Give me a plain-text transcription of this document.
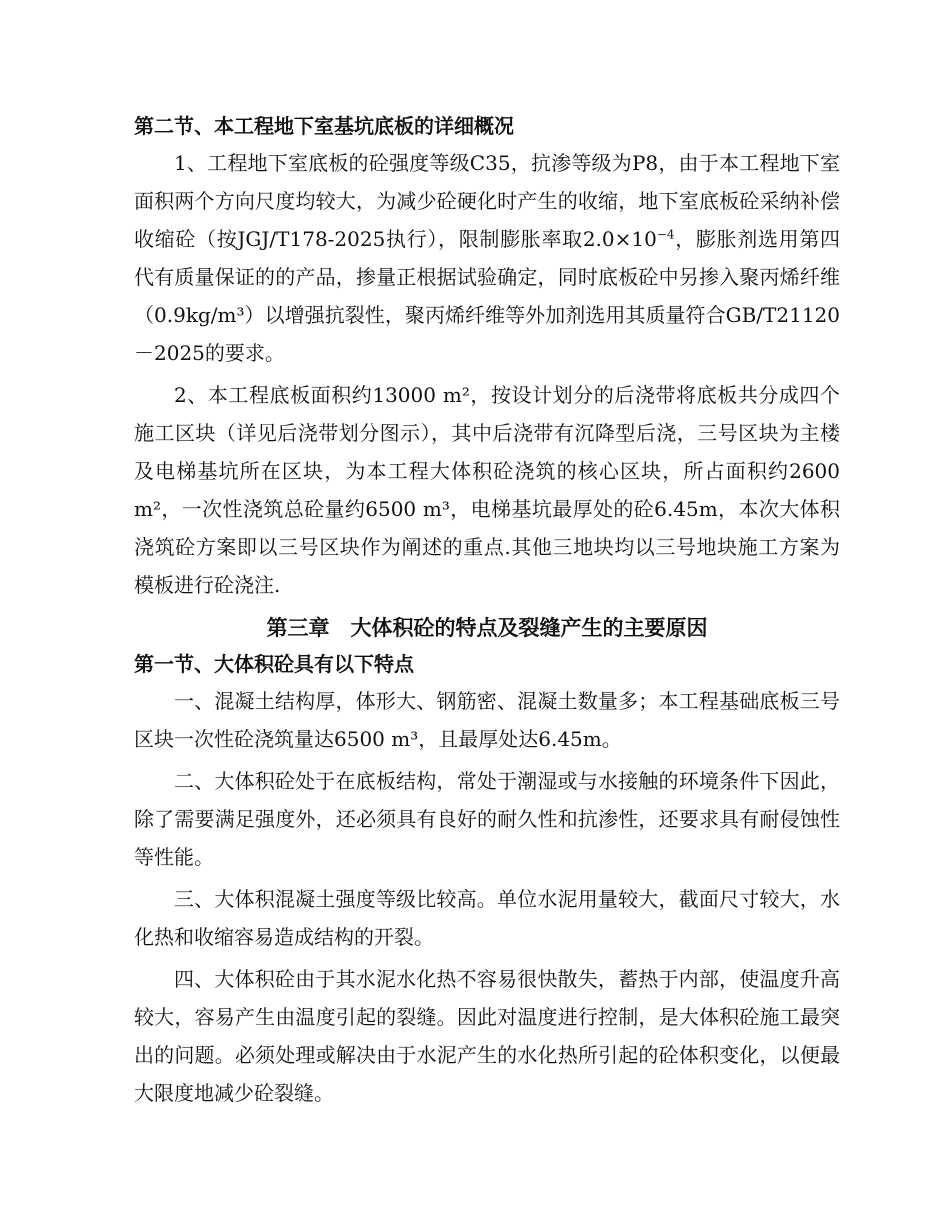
第二节、本工程地下室基坑底板的详细概况

1、工程地下室底板的砼强度等级C35，抗渗等级为P8，由于本工程地下室面积两个方向尺度均较大，为减少砼硬化时产生的收缩，地下室底板砼采纳补偿收缩砼（按JGJ/T178-2025执行），限制膨胀率取$2.0\times 10^{-4}$，膨胀剂选用第四代有质量保证的的产品，掺量正根据试验确定，同时底板砼中另掺入聚丙烯纤维（0.9kg/m³）以增强抗裂性，聚丙烯纤维等外加剂选用其质量符合GB/T21120－2025的要求。

2、本工程底板面积约13000 m²，按设计划分的后浇带将底板共分成四个施工区块（详见后浇带划分图示），其中后浇带有沉降型后浇，三号区块为主楼及电梯基坑所在区块，为本工程大体积砼浇筑的核心区块，所占面积约2600 m²，一次性浇筑总砼量约6500 m³，电梯基坑最厚处的砼6.45m，本次大体积浇筑砼方案即以三号区块作为阐述的重点.其他三地块均以三号地块施工方案为模板进行砼浇注.

第三章　大体积砼的特点及裂缝产生的主要原因
第一节、大体积砼具有以下特点

一、混凝土结构厚，体形大、钢筋密、混凝土数量多；本工程基础底板三号区块一次性砼浇筑量达6500 m³，且最厚处达6.45m。

二、大体积砼处于在底板结构，常处于潮湿或与水接触的环境条件下因此，除了需要满足强度外，还必须具有良好的耐久性和抗渗性，还要求具有耐侵蚀性等性能。

三、大体积混凝土强度等级比较高。单位水泥用量较大，截面尺寸较大，水化热和收缩容易造成结构的开裂。

四、大体积砼由于其水泥水化热不容易很快散失，蓄热于内部，使温度升高较大，容易产生由温度引起的裂缝。因此对温度进行控制，是大体积砼施工最突出的问题。必须处理或解决由于水泥产生的水化热所引起的砼体积变化，以便最大限度地减少砼裂缝。
